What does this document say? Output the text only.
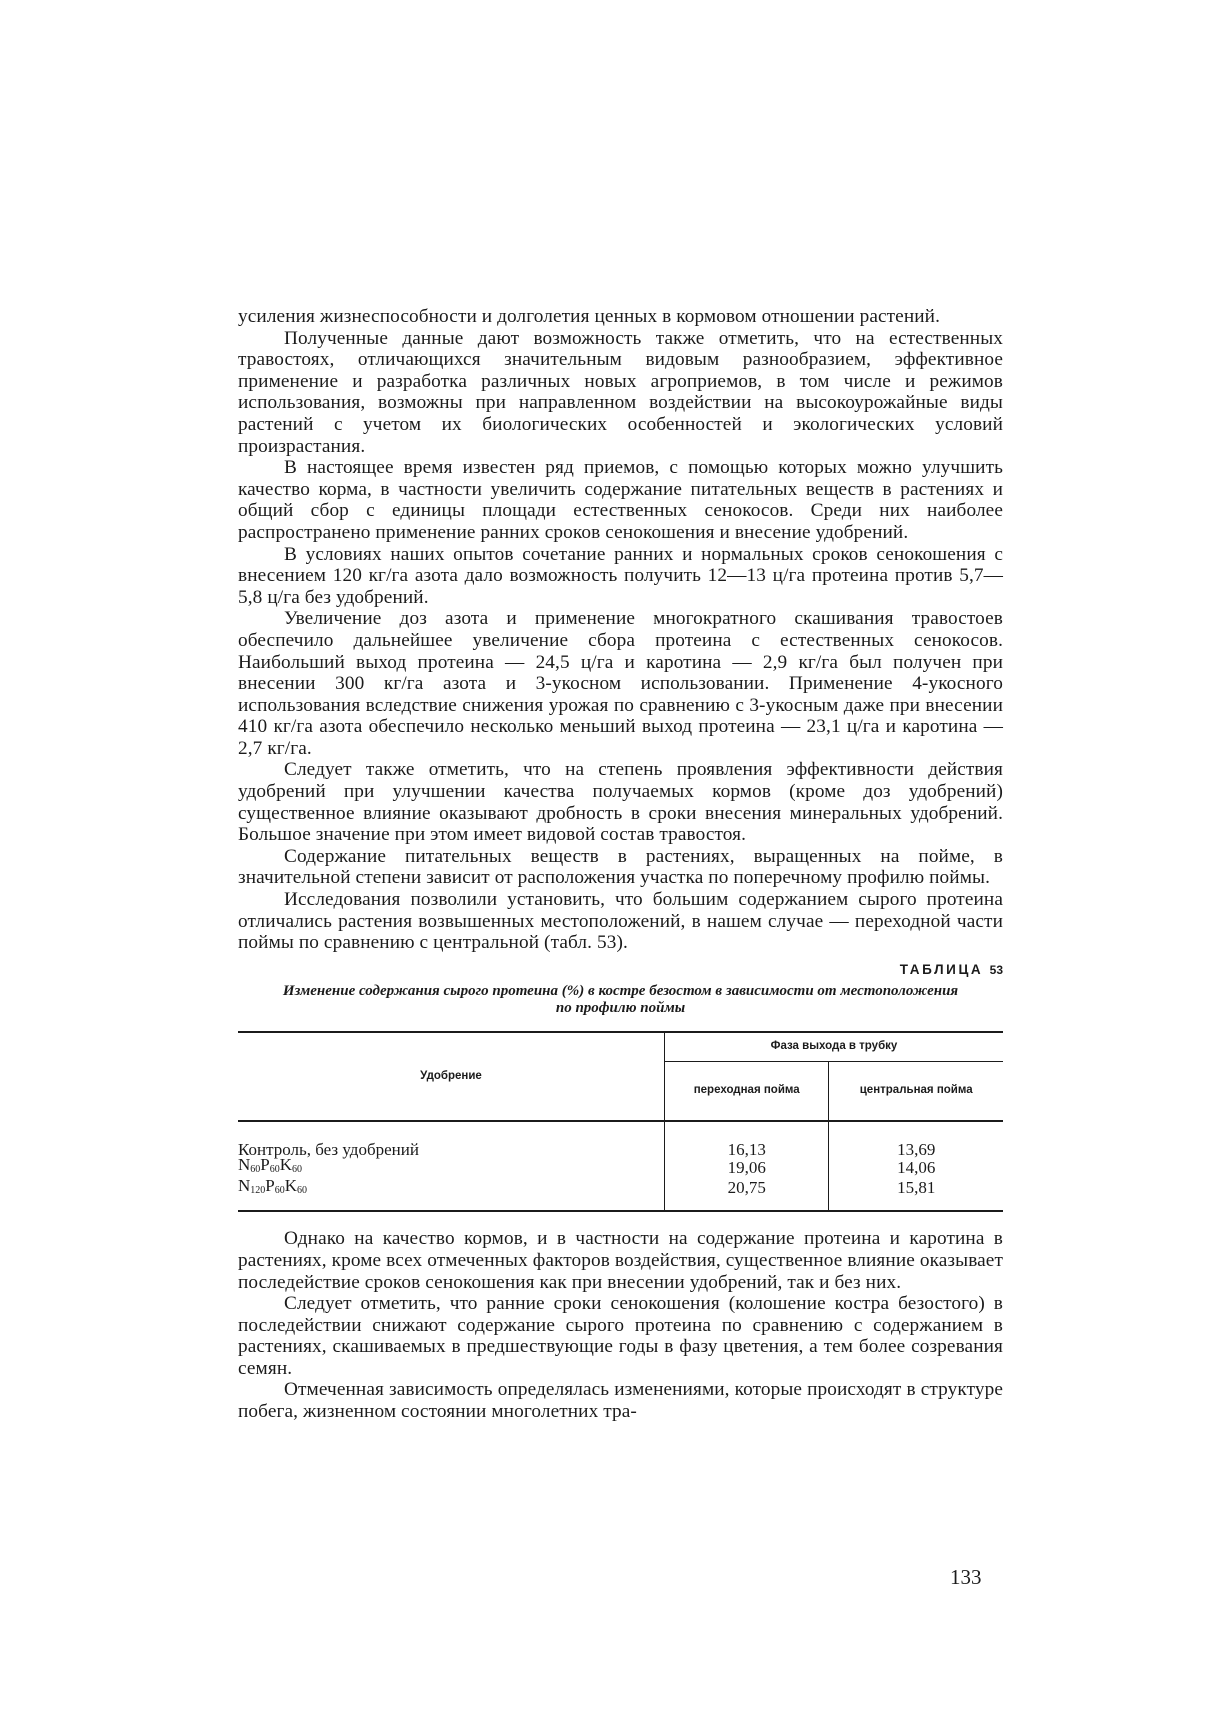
усиления жизнеспособности и долголетия ценных в кормовом отношении растений.

Полученные данные дают возможность также отметить, что на естественных травостоях, отличающихся значительным видовым разнообразием, эффективное применение и разработка различных новых агроприемов, в том числе и режимов использования, возможны при направленном воздействии на высокоурожайные виды растений с учетом их биологических особенностей и экологических условий произрастания.

В настоящее время известен ряд приемов, с помощью которых можно улучшить качество корма, в частности увеличить содержание питательных веществ в растениях и общий сбор с единицы площади естественных сенокосов. Среди них наиболее распространено применение ранних сроков сенокошения и внесение удобрений.

В условиях наших опытов сочетание ранних и нормальных сроков сенокошения с внесением 120 кг/га азота дало возможность получить 12—13 ц/га протеина против 5,7—5,8 ц/га без удобрений.

Увеличение доз азота и применение многократного скашивания травостоев обеспечило дальнейшее увеличение сбора протеина с естественных сенокосов. Наибольший выход протеина — 24,5 ц/га и каротина — 2,9 кг/га был получен при внесении 300 кг/га азота и 3-укосном использовании. Применение 4-укосного использования вследствие снижения урожая по сравнению с 3-укосным даже при внесении 410 кг/га азота обеспечило несколько меньший выход протеина — 23,1 ц/га и каротина — 2,7 кг/га.

Следует также отметить, что на степень проявления эффективности действия удобрений при улучшении качества получаемых кормов (кроме доз удобрений) существенное влияние оказывают дробность в сроки внесения минеральных удобрений. Большое значение при этом имеет видовой состав травостоя.

Содержание питательных веществ в растениях, выращенных на пойме, в значительной степени зависит от расположения участка по поперечному профилю поймы.

Исследования позволили установить, что большим содержанием сырого протеина отличались растения возвышенных местоположений, в нашем случае — переходной части поймы по сравнению с центральной (табл. 53).

ТАБЛИЦА 53

Изменение содержания сырого протеина (%) в костре безостом в зависимости от местоположения по профилю поймы

Удобрение	Фаза выхода в трубку	
	переходная пойма	центральная пойма
Контроль, без удобрений	16,13	13,69
$N_{60}P_{60}K_{60}$	19,06	14,06
$N_{120}P_{60}K_{60}$	20,75	15,81

Однако на качество кормов, и в частности на содержание протеина и каротина в растениях, кроме всех отмеченных факторов воздействия, существенное влияние оказывает последействие сроков сенокошения как при внесении удобрений, так и без них.

Следует отметить, что ранние сроки сенокошения (колошение костра безостого) в последействии снижают содержание сырого протеина по сравнению с содержанием в растениях, скашиваемых в предшествующие годы в фазу цветения, а тем более созревания семян.

Отмеченная зависимость определялась изменениями, которые происходят в структуре побега, жизненном состоянии многолетних тра-

133
